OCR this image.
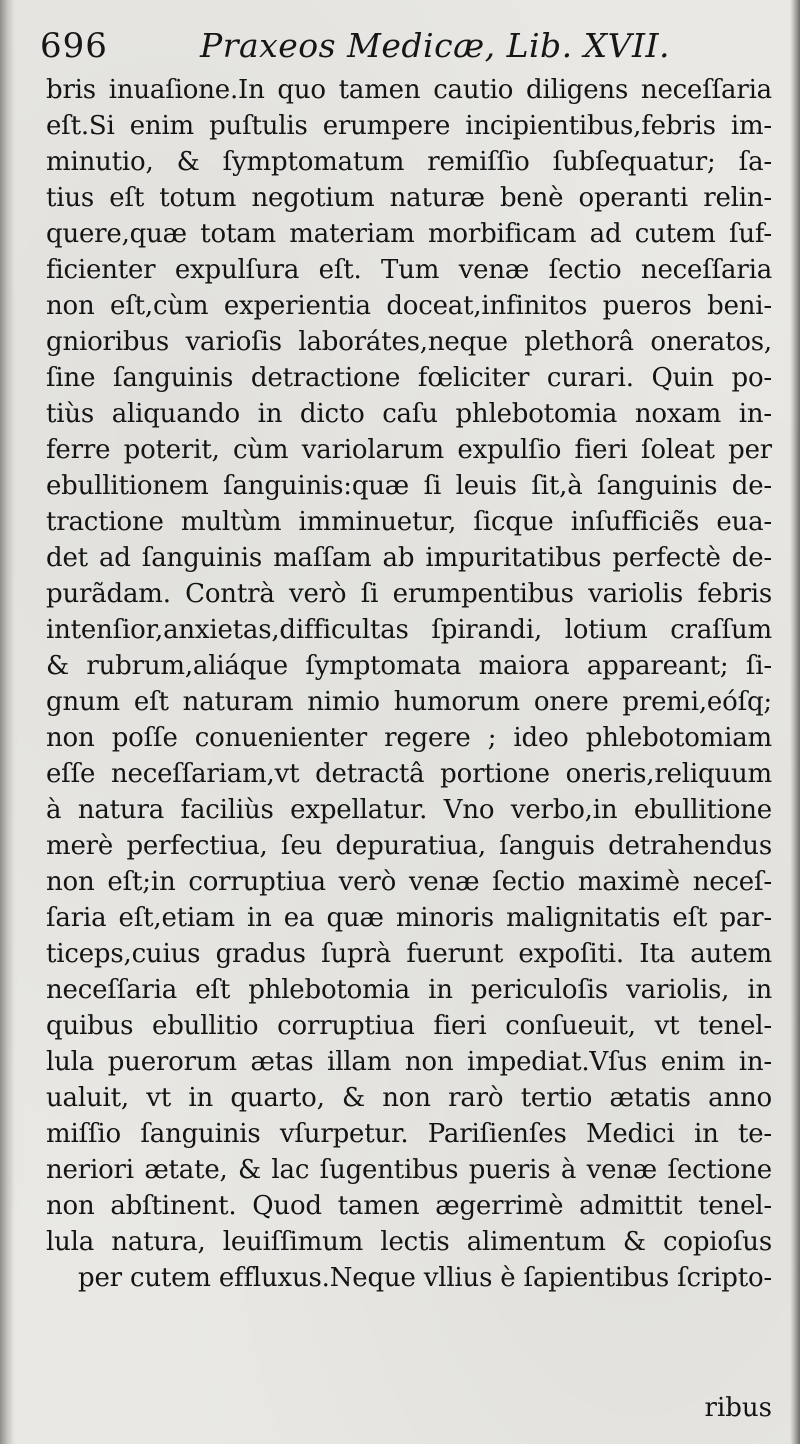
696	Praxeos Medicæ, Lib. XVII.
bris inuaſione.In quo tamen cautio diligens neceſſaria
eſt.Si enim puſtulis erumpere incipientibus,febris im-
minutio, & ſymptomatum remiſſio ſubſequatur; ſa-
tius eſt totum negotium naturæ benè operanti relin-
quere,quæ totam materiam morbificam ad cutem ſuf-
ficienter expulſura eſt. Tum venæ ſectio neceſſaria
non eſt,cùm experientia doceat,infinitos pueros beni-
gnioribus varioſis laborátes,neque plethorâ oneratos,
ſine ſanguinis detractione fœliciter curari. Quin po-
tiùs aliquando in dicto caſu phlebotomia noxam in-
ferre poterit, cùm variolarum expulſio fieri ſoleat per
ebullitionem ſanguinis:quæ ſi leuis ſit,à ſanguinis de-
tractione multùm imminuetur, ſicque inſufficiẽs eua-
det ad ſanguinis maſſam ab impuritatibus perfectè de-
purãdam. Contrà verò ſi erumpentibus variolis febris
intenſior,anxietas,difficultas ſpirandi, lotium craſſum
& rubrum,aliáque ſymptomata maiora appareant; ſi-
gnum eſt naturam nimio humorum onere premi,eóſq;
non poſſe conuenienter regere ; ideo phlebotomiam
eſſe neceſſariam,vt detractâ portione oneris,reliquum
à natura faciliùs expellatur. Vno verbo,in ebullitione
merè perfectiua, ſeu depuratiua, ſanguis detrahendus
non eſt;in corruptiua verò venæ ſectio maximè neceſ-
ſaria eſt,etiam in ea quæ minoris malignitatis eſt par-
ticeps,cuius gradus ſuprà fuerunt expoſiti. Ita autem
neceſſaria eſt phlebotomia in periculoſis variolis, in
quibus ebullitio corruptiua fieri conſueuit, vt tenel-
lula puerorum ætas illam non impediat.Vſus enim in-
ualuit, vt in quarto, & non rarò tertio ætatis anno
miſſio ſanguinis vſurpetur. Pariſienſes Medici in te-
neriori ætate, & lac ſugentibus pueris à venæ ſectione
non abſtinent. Quod tamen ægerrimè admittit tenel-
lula natura, leuiſſimum lectis alimentum & copioſus
per cutem effluxus.Neque vllius è ſapientibus ſcripto-
ribus
